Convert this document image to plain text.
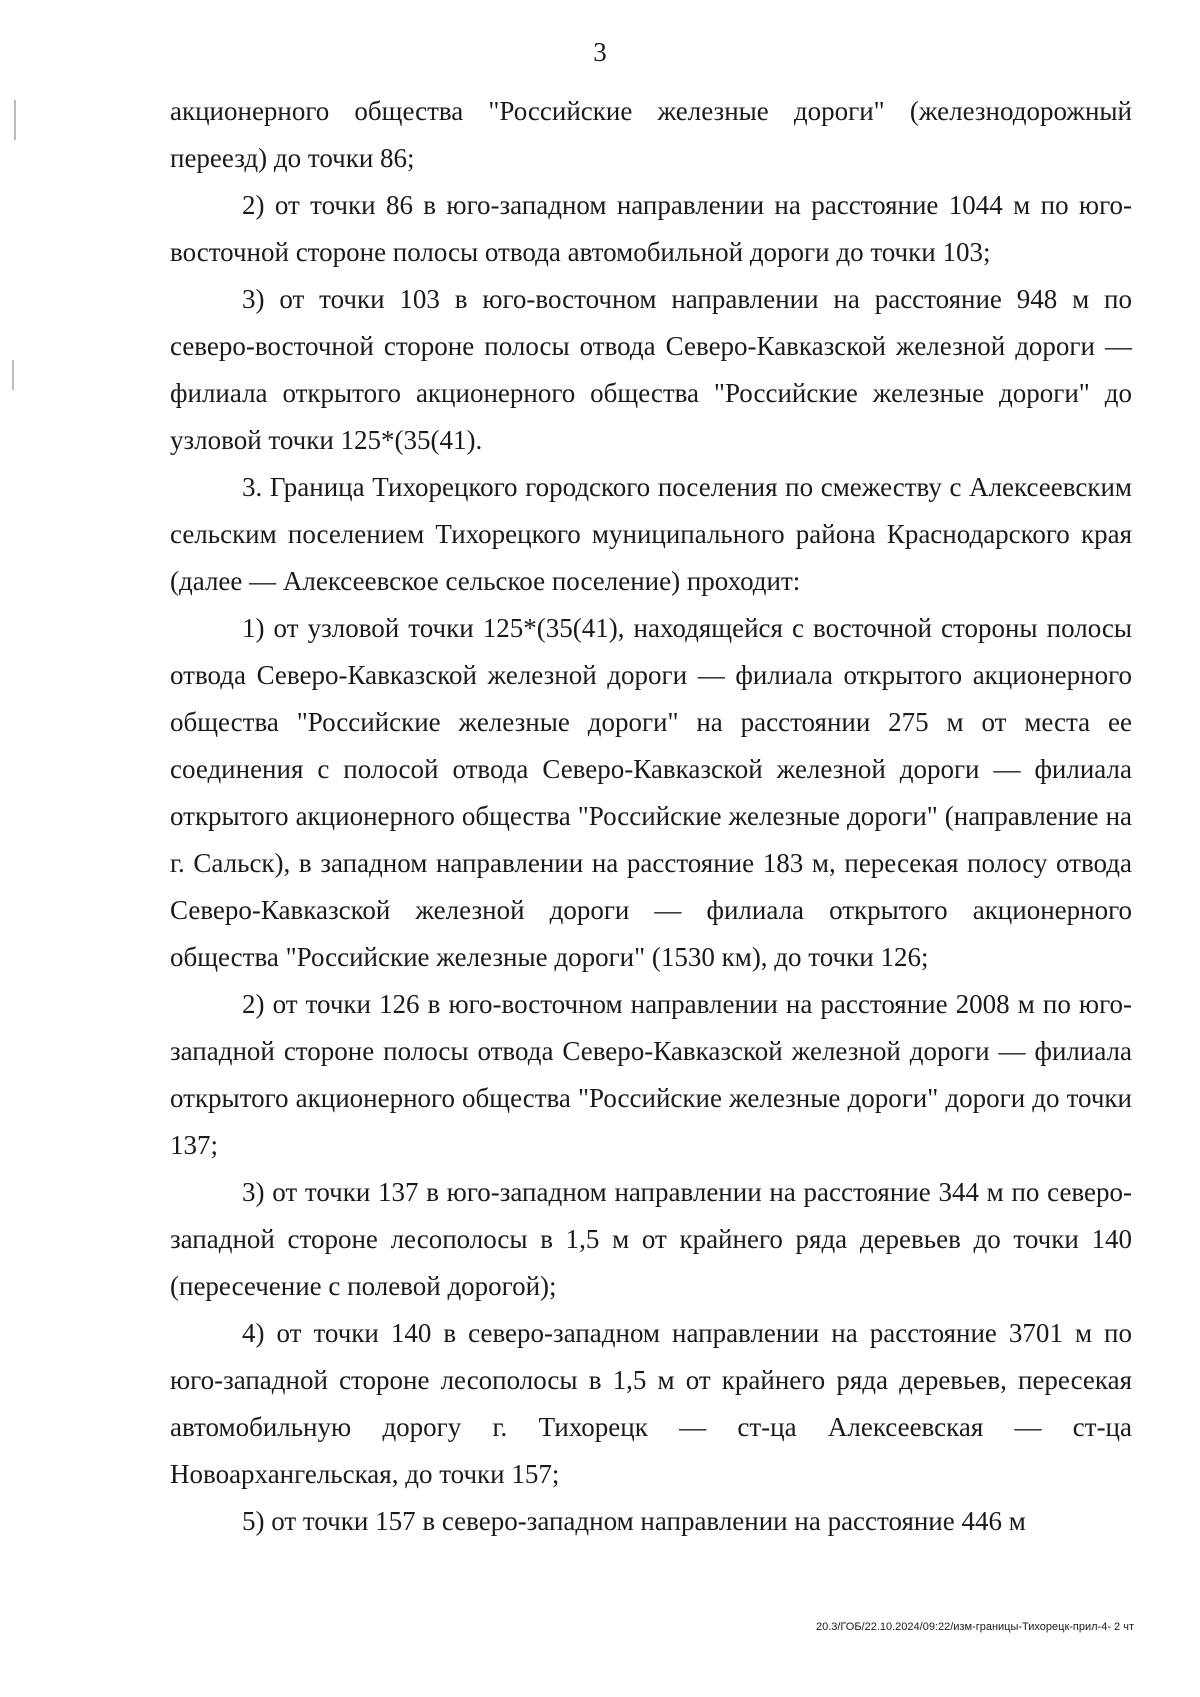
3

акционерного общества "Российские железные дороги" (железнодорожный переезд) до точки 86;

2) от точки 86 в юго-западном направлении на расстояние 1044 м по юго-восточной стороне полосы отвода автомобильной дороги до точки 103;

3) от точки 103 в юго-восточном направлении на расстояние 948 м по северо-восточной стороне полосы отвода Северо-Кавказской железной дороги — филиала открытого акционерного общества "Российские железные дороги" до узловой точки 125*(35(41).

3. Граница Тихорецкого городского поселения по смежеству с Алексеевским сельским поселением Тихорецкого муниципального района Краснодарского края (далее — Алексеевское сельское поселение) проходит:

1) от узловой точки 125*(35(41), находящейся с восточной стороны полосы отвода Северо-Кавказской железной дороги — филиала открытого акционерного общества "Российские железные дороги" на расстоянии 275 м от места ее соединения с полосой отвода Северо-Кавказской железной дороги — филиала открытого акционерного общества "Российские железные дороги" (направление на г. Сальск), в западном направлении на расстояние 183 м, пересекая полосу отвода Северо-Кавказской железной дороги — филиала открытого акционерного общества "Российские железные дороги" (1530 км), до точки 126;

2) от точки 126 в юго-восточном направлении на расстояние 2008 м по юго-западной стороне полосы отвода Северо-Кавказской железной дороги — филиала открытого акционерного общества "Российские железные дороги" дороги до точки 137;

3) от точки 137 в юго-западном направлении на расстояние 344 м по северо-западной стороне лесополосы в 1,5 м от крайнего ряда деревьев до точки 140 (пересечение с полевой дорогой);

4) от точки 140 в северо-западном направлении на расстояние 3701 м по юго-западной стороне лесополосы в 1,5 м от крайнего ряда деревьев, пересекая автомобильную дорогу г. Тихорецк — ст-ца Алексеевская — ст-ца Новоархангельская, до точки 157;

5) от точки 157 в северо-западном направлении на расстояние 446 м

20.3/ГОБ/22.10.2024/09:22/изм-границы-Тихорецк-прил-4- 2 чт
